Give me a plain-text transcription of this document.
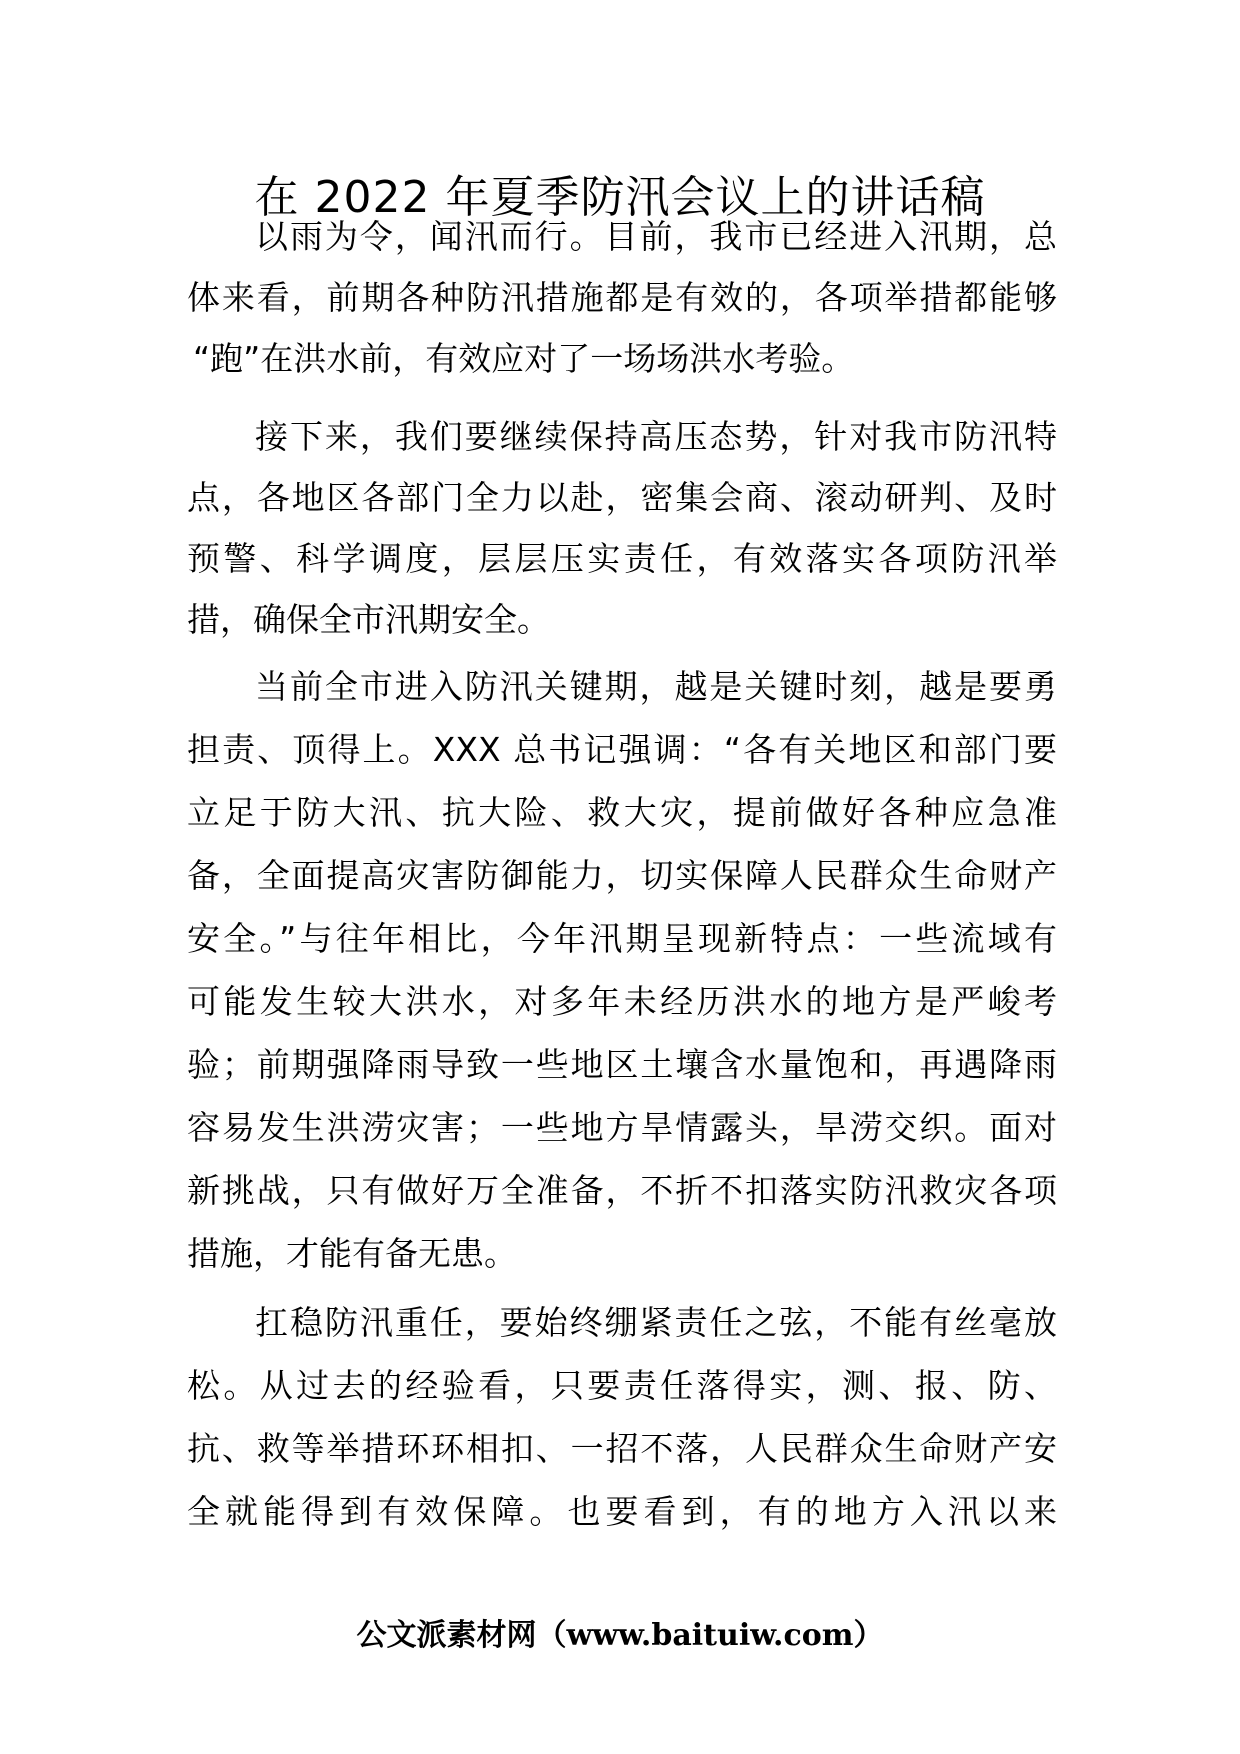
在 2022 年夏季防汛会议上的讲话稿
以雨为令，闻汛而行。目前，我市已经进入汛期，总
体来看，前期各种防汛措施都是有效的，各项举措都能够
“跑”在洪水前，有效应对了一场场洪水考验。
接下来，我们要继续保持高压态势，针对我市防汛特
点，各地区各部门全力以赴，密集会商、滚动研判、及时
预警、科学调度，层层压实责任，有效落实各项防汛举
措，确保全市汛期安全。
当前全市进入防汛关键期，越是关键时刻，越是要勇
担责、顶得上。XXX 总书记强调：“各有关地区和部门要
立足于防大汛、抗大险、救大灾，提前做好各种应急准
备，全面提高灾害防御能力，切实保障人民群众生命财产
安全。”与往年相比，今年汛期呈现新特点：一些流域有
可能发生较大洪水，对多年未经历洪水的地方是严峻考
验；前期强降雨导致一些地区土壤含水量饱和，再遇降雨
容易发生洪涝灾害；一些地方旱情露头，旱涝交织。面对
新挑战，只有做好万全准备，不折不扣落实防汛救灾各项
措施，才能有备无患。
扛稳防汛重任，要始终绷紧责任之弦，不能有丝毫放
松。从过去的经验看，只要责任落得实，测、报、防、
抗、救等举措环环相扣、一招不落，人民群众生命财产安
全就能得到有效保障。也要看到，有的地方入汛以来
公文派素材网（www.baituiw.com）
